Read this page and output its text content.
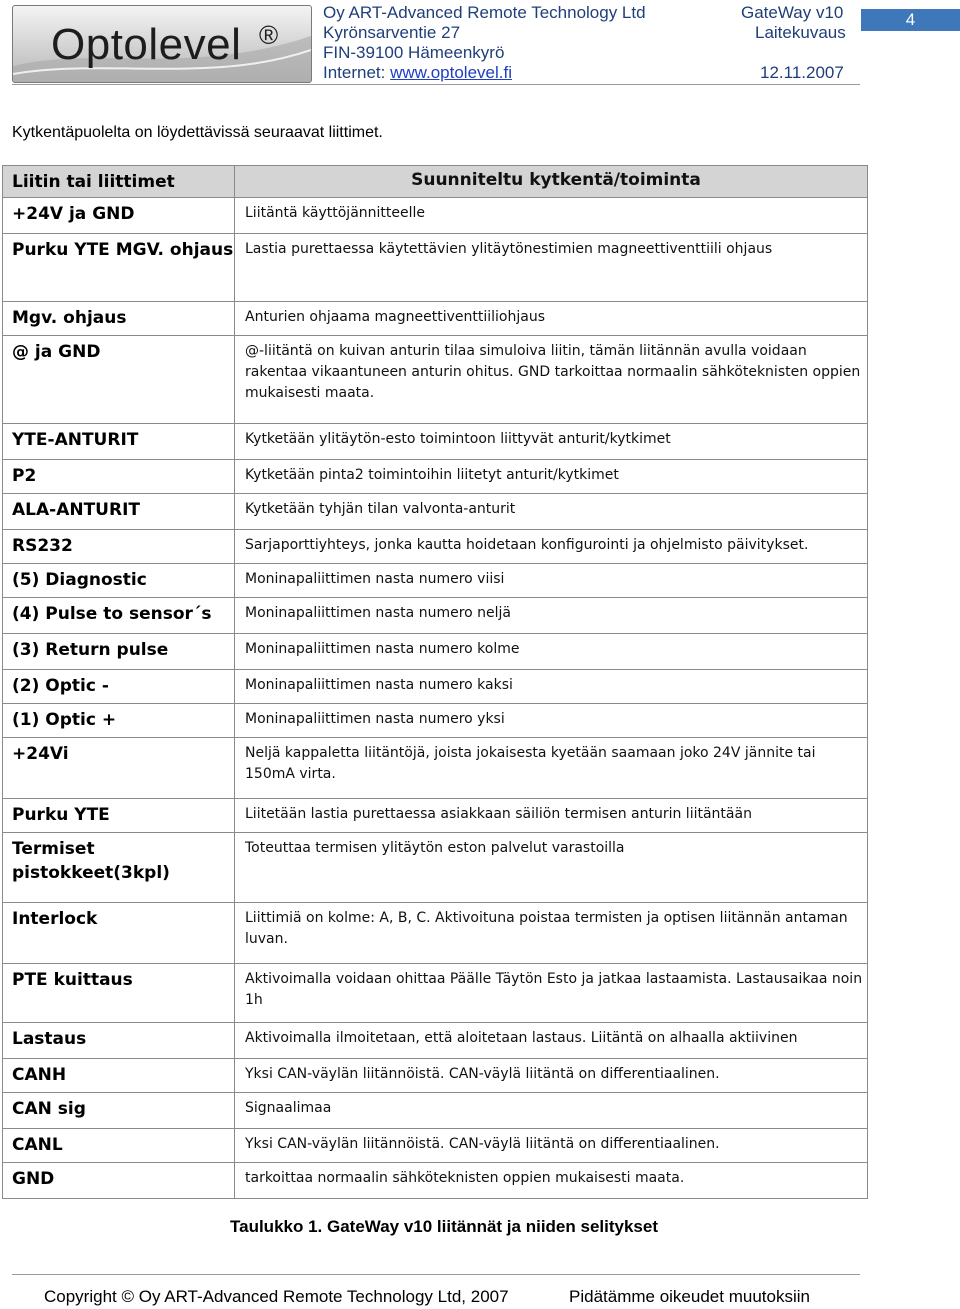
Optolevel ®
Oy ART-Advanced Remote Technology Ltd
Kyrönsarventie 27
FIN-39100 Hämeenkyrö
Internet: www.optolevel.fi
GateWay v10
Laitekuvaus
12.11.2007
4
Kytkentäpuolelta on löydettävissä seuraavat liittimet.
Liitin tai liittimet	Suunniteltu kytkentä/toiminta
+24V ja GND	Liitäntä käyttöjännitteelle
Purku YTE MGV. ohjaus	Lastia purettaessa käytettävien ylitäytönestimien magneettiventtiili ohjaus
Mgv. ohjaus	Anturien ohjaama magneettiventtiiliohjaus
@ ja GND	@-liitäntä on kuivan anturin tilaa simuloiva liitin, tämän liitännän avulla voidaan rakentaa vikaantuneen anturin ohitus. GND tarkoittaa normaalin sähköteknisten oppien mukaisesti maata.
YTE-ANTURIT	Kytketään ylitäytön-esto toimintoon liittyvät anturit/kytkimet
P2	Kytketään pinta2 toimintoihin liitetyt anturit/kytkimet
ALA-ANTURIT	Kytketään tyhjän tilan valvonta-anturit
RS232	Sarjaporttiyhteys, jonka kautta hoidetaan konfigurointi ja ohjelmisto päivitykset.
(5) Diagnostic	Moninapaliittimen nasta numero viisi
(4) Pulse to sensor´s	Moninapaliittimen nasta numero neljä
(3) Return pulse	Moninapaliittimen nasta numero kolme
(2) Optic -	Moninapaliittimen nasta numero kaksi
(1) Optic +	Moninapaliittimen nasta numero yksi
+24Vi	Neljä kappaletta liitäntöjä, joista jokaisesta kyetään saamaan joko 24V jännite tai 150mA virta.
Purku YTE	Liitetään lastia purettaessa asiakkaan säiliön termisen anturin liitäntään
Termiset pistokkeet(3kpl)	Toteuttaa termisen ylitäytön eston palvelut varastoilla
Interlock	Liittimiä on kolme: A, B, C. Aktivoituna poistaa termisten ja optisen liitännän antaman luvan.
PTE kuittaus	Aktivoimalla voidaan ohittaa Päälle Täytön Esto ja jatkaa lastaamista. Lastausaikaa noin 1h
Lastaus	Aktivoimalla ilmoitetaan, että aloitetaan lastaus. Liitäntä on alhaalla aktiivinen
CANH	Yksi CAN-väylän liitännöistä. CAN-väylä liitäntä on differentiaalinen.
CAN sig	Signaalimaa
CANL	Yksi CAN-väylän liitännöistä. CAN-väylä liitäntä on differentiaalinen.
GND	tarkoittaa normaalin sähköteknisten oppien mukaisesti maata.
Taulukko 1. GateWay v10 liitännät ja niiden selitykset
Copyright © Oy ART-Advanced Remote Technology Ltd, 2007	Pidätämme oikeudet muutoksiin
